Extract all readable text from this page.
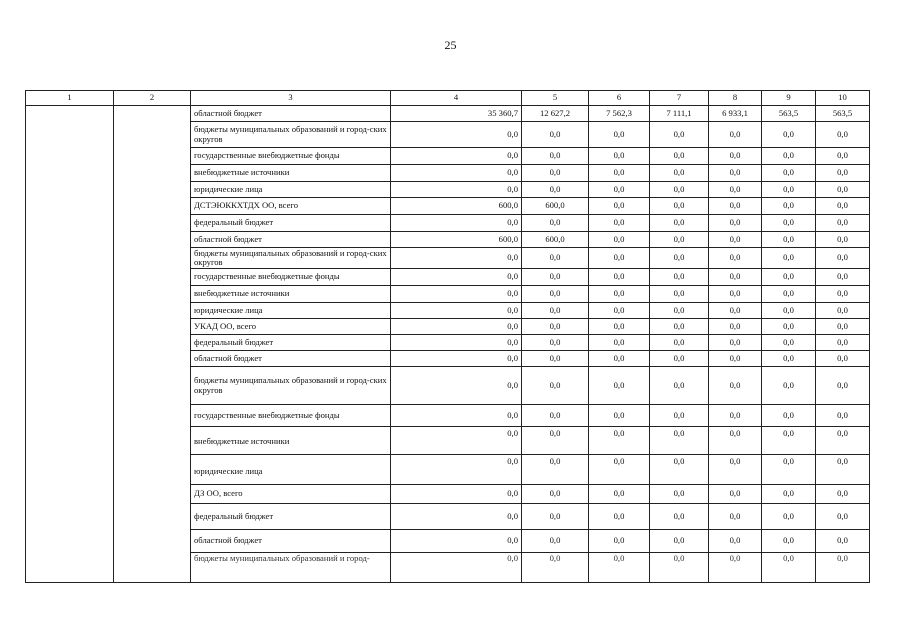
25
1	2	3	4	5	6	7	8	9	10
		областной бюджет	35 360,7	12 627,2	7 562,3	7 111,1	6 933,1	563,5	563,5
		бюджеты муниципальных образований и город-ских округов	0,0	0,0	0,0	0,0	0,0	0,0	0,0
		государственные внебюджетные фонды	0,0	0,0	0,0	0,0	0,0	0,0	0,0
		внебюджетные источники	0,0	0,0	0,0	0,0	0,0	0,0	0,0
		юридические лица	0,0	0,0	0,0	0,0	0,0	0,0	0,0
		ДСТЭЮККХТДХ ОО, всего	600,0	600,0	0,0	0,0	0,0	0,0	0,0
		федеральный бюджет	0,0	0,0	0,0	0,0	0,0	0,0	0,0
		областной бюджет	600,0	600,0	0,0	0,0	0,0	0,0	0,0
		бюджеты муниципальных образований и город-ских округов	0,0	0,0	0,0	0,0	0,0	0,0	0,0
		государственные внебюджетные фонды	0,0	0,0	0,0	0,0	0,0	0,0	0,0
		внебюджетные источники	0,0	0,0	0,0	0,0	0,0	0,0	0,0
		юридические лица	0,0	0,0	0,0	0,0	0,0	0,0	0,0
		УКАД ОО, всего	0,0	0,0	0,0	0,0	0,0	0,0	0,0
		федеральный бюджет	0,0	0,0	0,0	0,0	0,0	0,0	0,0
		областной бюджет	0,0	0,0	0,0	0,0	0,0	0,0	0,0
		бюджеты муниципальных образований и город-ских округов	0,0	0,0	0,0	0,0	0,0	0,0	0,0
		государственные внебюджетные фонды	0,0	0,0	0,0	0,0	0,0	0,0	0,0
		внебюджетные источники	0,0	0,0	0,0	0,0	0,0	0,0	0,0
		юридические лица	0,0	0,0	0,0	0,0	0,0	0,0	0,0
		ДЗ ОО, всего	0,0	0,0	0,0	0,0	0,0	0,0	0,0
		федеральный бюджет	0,0	0,0	0,0	0,0	0,0	0,0	0,0
		областной бюджет	0,0	0,0	0,0	0,0	0,0	0,0	0,0
		бюджеты муниципальных образований и город-	0,0	0,0	0,0	0,0	0,0	0,0	0,0
